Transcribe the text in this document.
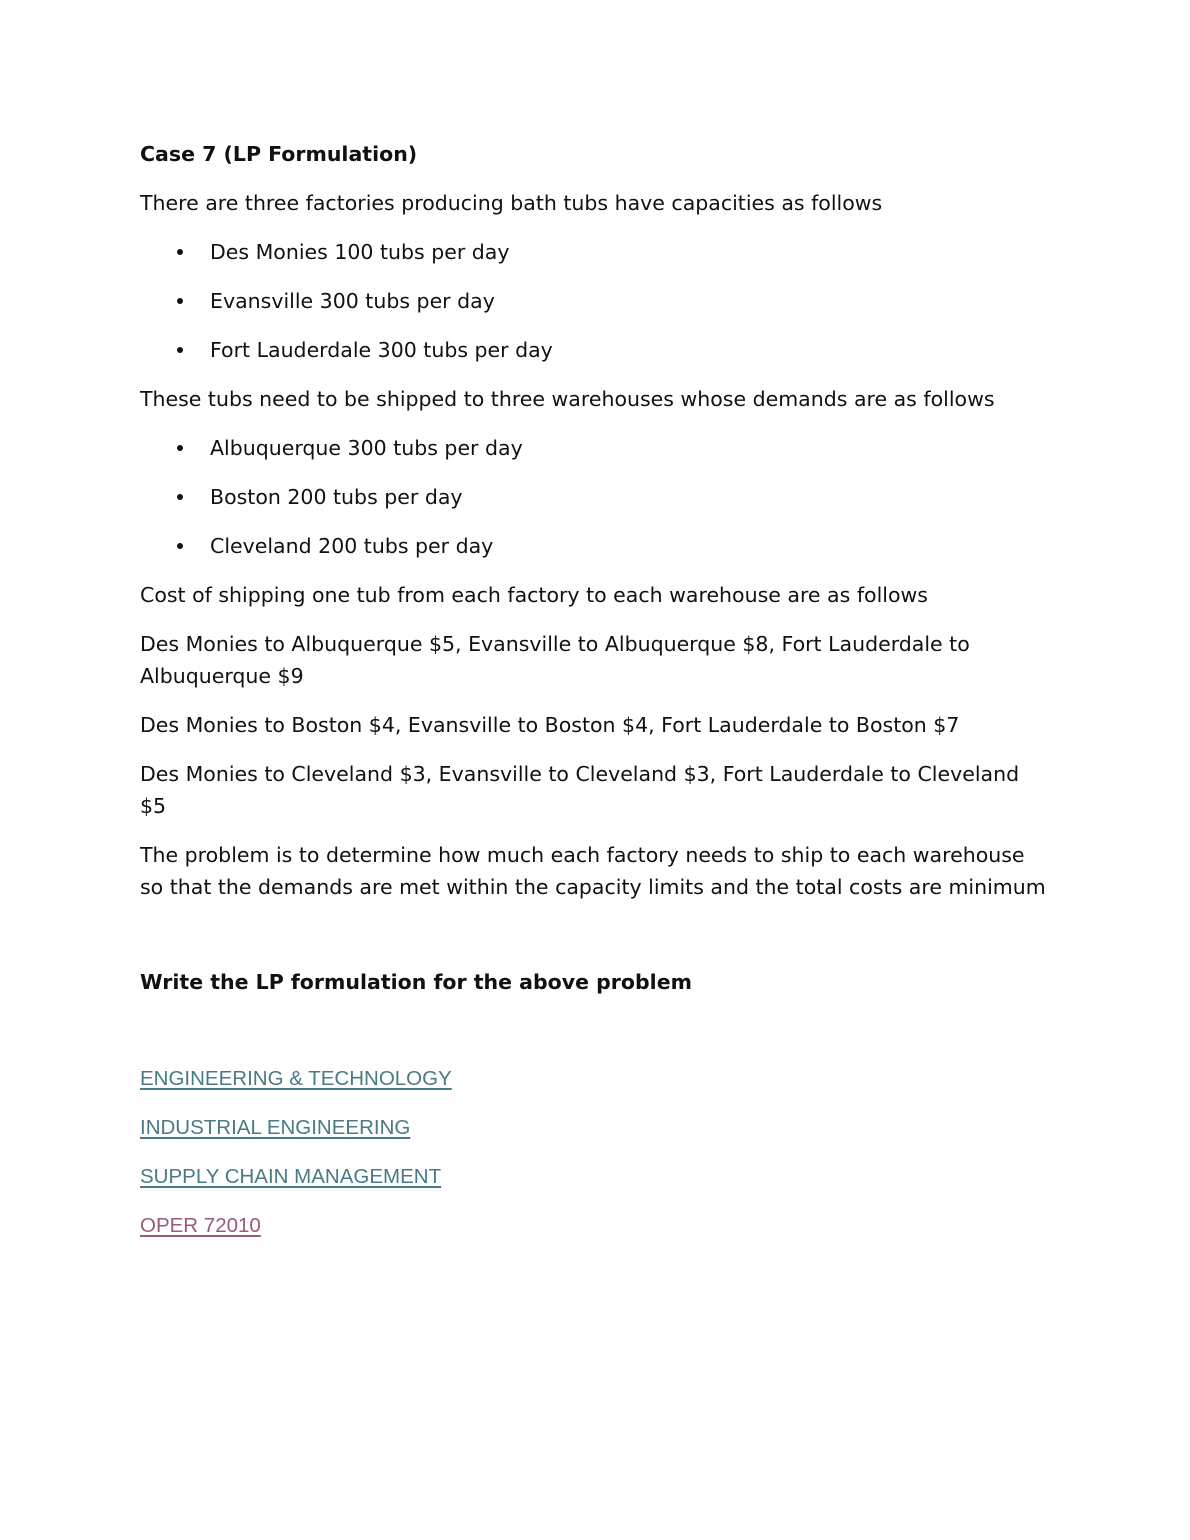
Case 7 (LP Formulation)

There are three factories producing bath tubs have capacities as follows

Des Monies 100 tubs per day
Evansville 300 tubs per day
Fort Lauderdale 300 tubs per day

These tubs need to be shipped to three warehouses whose demands are as follows

Albuquerque 300 tubs per day
Boston 200 tubs per day
Cleveland 200 tubs per day

Cost of shipping one tub from each factory to each warehouse are as follows

Des Monies to Albuquerque $5, Evansville to Albuquerque $8, Fort Lauderdale to Albuquerque $9

Des Monies to Boston $4, Evansville to Boston $4, Fort Lauderdale to Boston $7

Des Monies to Cleveland $3, Evansville to Cleveland $3, Fort Lauderdale to Cleveland $5

The problem is to determine how much each factory needs to ship to each warehouse so that the demands are met within the capacity limits and the total costs are minimum

Write the LP formulation for the above problem

ENGINEERING & TECHNOLOGY
INDUSTRIAL ENGINEERING
SUPPLY CHAIN MANAGEMENT
OPER 72010
